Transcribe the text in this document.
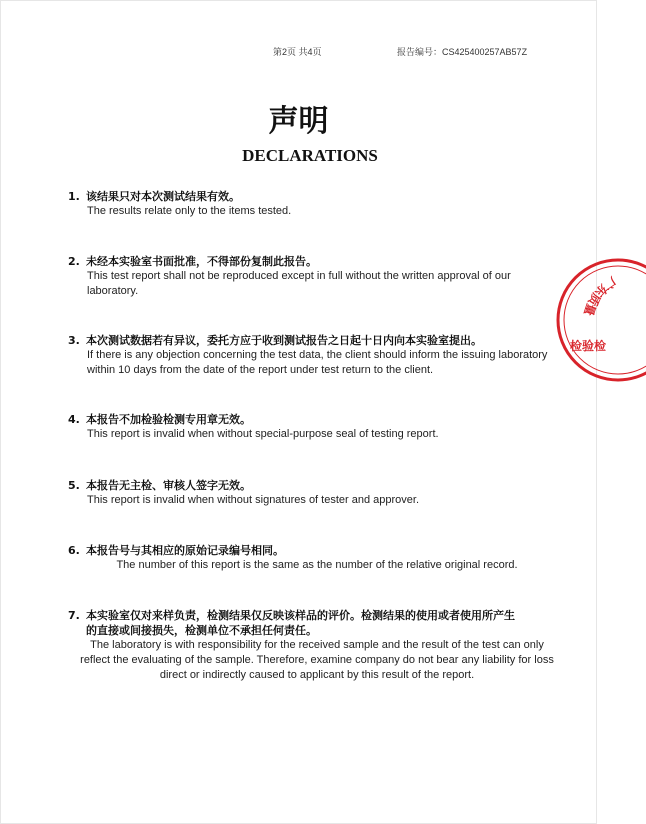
第2页 共4页	报告编号：CS425400257AB57Z
声明
DECLARATIONS
1. 该结果只对本次测试结果有效。
The results relate only to the items tested.
2. 未经本实验室书面批准，不得部份复制此报告。
This test report shall not be reproduced except in full without the written approval of our laboratory.
3. 本次测试数据若有异议，委托方应于收到测试报告之日起十日内向本实验室提出。
If there is any objection concerning the test data, the client should inform the issuing laboratory within 10 days from the date of the report under test return to the client.
4. 本报告不加检验检测专用章无效。
This report is invalid when without special-purpose seal of testing report.
5. 本报告无主检、审核人签字无效。
This report is invalid when without signatures of tester and approver.
6. 本报告号与其相应的原始记录编号相同。
The number of this report is the same as the number of the relative original record.
7. 本实验室仅对来样负责，检测结果仅反映该样品的评价。检测结果的使用或者使用所产生
的直接或间接损失，检测单位不承担任何责任。
The laboratory is with responsibility for the received sample and the result of the test can only reflect the evaluating of the sample. Therefore, examine company do not bear any liability for loss direct or indirectly caused to applicant by this result of the report.
广东质量
检验检
